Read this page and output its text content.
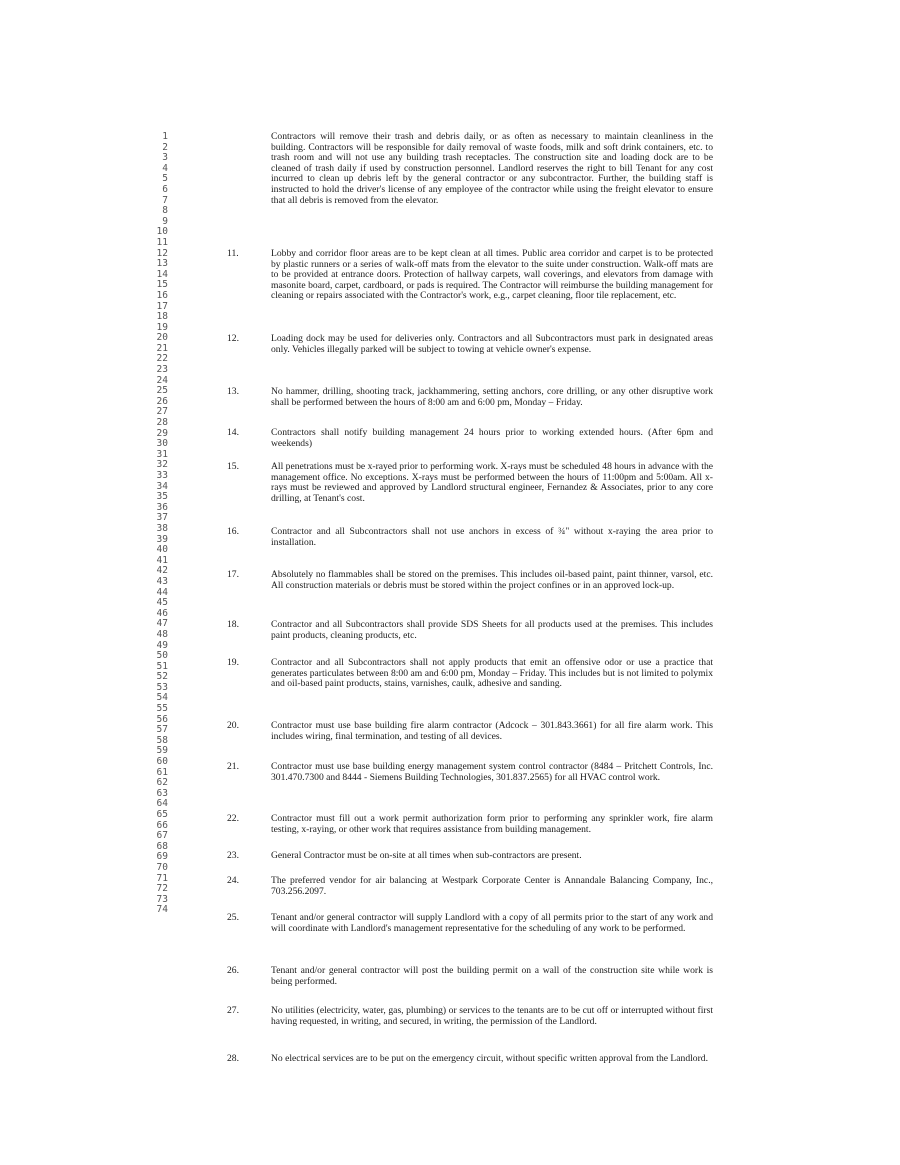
1
2
3
4
5
6
7
8
9
10
11
12
13
14
15
16
17
18
19
20
21
22
23
24
25
26
27
28
29
30
31
32
33
34
35
36
37
38
39
40
41
42
43
44
45
46
47
48
49
50
51
52
53
54
55
56
57
58
59
60
61
62
63
64
65
66
67
68
69
70
71
72
73
74
Contractors will remove their trash and debris daily, or as often as necessary to maintain cleanliness in the building. Contractors will be responsible for daily removal of waste foods, milk and soft drink containers, etc. to trash room and will not use any building trash receptacles. The construction site and loading dock are to be cleaned of trash daily if used by construction personnel. Landlord reserves the right to bill Tenant for any cost incurred to clean up debris left by the general contractor or any subcontractor. Further, the building staff is instructed to hold the driver's license of any employee of the contractor while using the freight elevator to ensure that all debris is removed from the elevator.
11.	Lobby and corridor floor areas are to be kept clean at all times. Public area corridor and carpet is to be protected by plastic runners or a series of walk-off mats from the elevator to the suite under construction. Walk-off mats are to be provided at entrance doors. Protection of hallway carpets, wall coverings, and elevators from damage with masonite board, carpet, cardboard, or pads is required. The Contractor will reimburse the building management for cleaning or repairs associated with the Contractor's work, e.g., carpet cleaning, floor tile replacement, etc.
12.	Loading dock may be used for deliveries only. Contractors and all Subcontractors must park in designated areas only. Vehicles illegally parked will be subject to towing at vehicle owner's expense.
13.	No hammer, drilling, shooting track, jackhammering, setting anchors, core drilling, or any other disruptive work shall be performed between the hours of 8:00 am and 6:00 pm, Monday – Friday.
14.	Contractors shall notify building management 24 hours prior to working extended hours. (After 6pm and weekends)
15.	All penetrations must be x-rayed prior to performing work. X-rays must be scheduled 48 hours in advance with the management office. No exceptions. X-rays must be performed between the hours of 11:00pm and 5:00am. All x-rays must be reviewed and approved by Landlord structural engineer, Fernandez & Associates, prior to any core drilling, at Tenant's cost.
16.	Contractor and all Subcontractors shall not use anchors in excess of ¾" without x-raying the area prior to installation.
17.	Absolutely no flammables shall be stored on the premises. This includes oil-based paint, paint thinner, varsol, etc. All construction materials or debris must be stored within the project confines or in an approved lock-up.
18.	Contractor and all Subcontractors shall provide SDS Sheets for all products used at the premises. This includes paint products, cleaning products, etc.
19.	Contractor and all Subcontractors shall not apply products that emit an offensive odor or use a practice that generates particulates between 8:00 am and 6:00 pm, Monday – Friday. This includes but is not limited to polymix and oil-based paint products, stains, varnishes, caulk, adhesive and sanding.
20.	Contractor must use base building fire alarm contractor (Adcock – 301.843.3661) for all fire alarm work. This includes wiring, final termination, and testing of all devices.
21.	Contractor must use base building energy management system control contractor (8484 – Pritchett Controls, Inc. 301.470.7300 and 8444 - Siemens Building Technologies, 301.837.2565) for all HVAC control work.
22.	Contractor must fill out a work permit authorization form prior to performing any sprinkler work, fire alarm testing, x-raying, or other work that requires assistance from building management.
23.	General Contractor must be on-site at all times when sub-contractors are present.
24.	The preferred vendor for air balancing at Westpark Corporate Center is Annandale Balancing Company, Inc., 703.256.2097.
25.	Tenant and/or general contractor will supply Landlord with a copy of all permits prior to the start of any work and will coordinate with Landlord's management representative for the scheduling of any work to be performed.
26.	Tenant and/or general contractor will post the building permit on a wall of the construction site while work is being performed.
27.	No utilities (electricity, water, gas, plumbing) or services to the tenants are to be cut off or interrupted without first having requested, in writing, and secured, in writing, the permission of the Landlord.
28.	No electrical services are to be put on the emergency circuit, without specific written approval from the Landlord.
